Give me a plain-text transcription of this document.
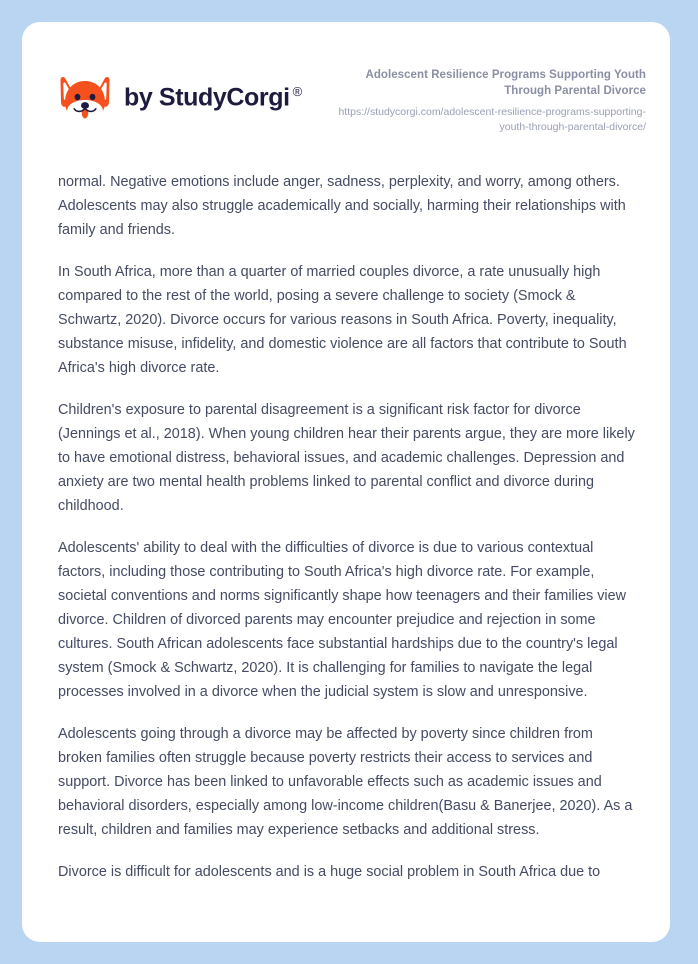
by StudyCorgi ®
Adolescent Resilience Programs Supporting Youth Through Parental Divorce
https://studycorgi.com/adolescent-resilience-programs-supporting-youth-through-parental-divorce/

normal. Negative emotions include anger, sadness, perplexity, and worry, among others. Adolescents may also struggle academically and socially, harming their relationships with family and friends.

In South Africa, more than a quarter of married couples divorce, a rate unusually high compared to the rest of the world, posing a severe challenge to society (Smock & Schwartz, 2020). Divorce occurs for various reasons in South Africa. Poverty, inequality, substance misuse, infidelity, and domestic violence are all factors that contribute to South Africa's high divorce rate.

Children's exposure to parental disagreement is a significant risk factor for divorce (Jennings et al., 2018). When young children hear their parents argue, they are more likely to have emotional distress, behavioral issues, and academic challenges. Depression and anxiety are two mental health problems linked to parental conflict and divorce during childhood.

Adolescents' ability to deal with the difficulties of divorce is due to various contextual factors, including those contributing to South Africa's high divorce rate. For example, societal conventions and norms significantly shape how teenagers and their families view divorce. Children of divorced parents may encounter prejudice and rejection in some cultures. South African adolescents face substantial hardships due to the country's legal system (Smock & Schwartz, 2020). It is challenging for families to navigate the legal processes involved in a divorce when the judicial system is slow and unresponsive.

Adolescents going through a divorce may be affected by poverty since children from broken families often struggle because poverty restricts their access to services and support. Divorce has been linked to unfavorable effects such as academic issues and behavioral disorders, especially among low-income children(Basu & Banerjee, 2020). As a result, children and families may experience setbacks and additional stress.

Divorce is difficult for adolescents and is a huge social problem in South Africa due to
